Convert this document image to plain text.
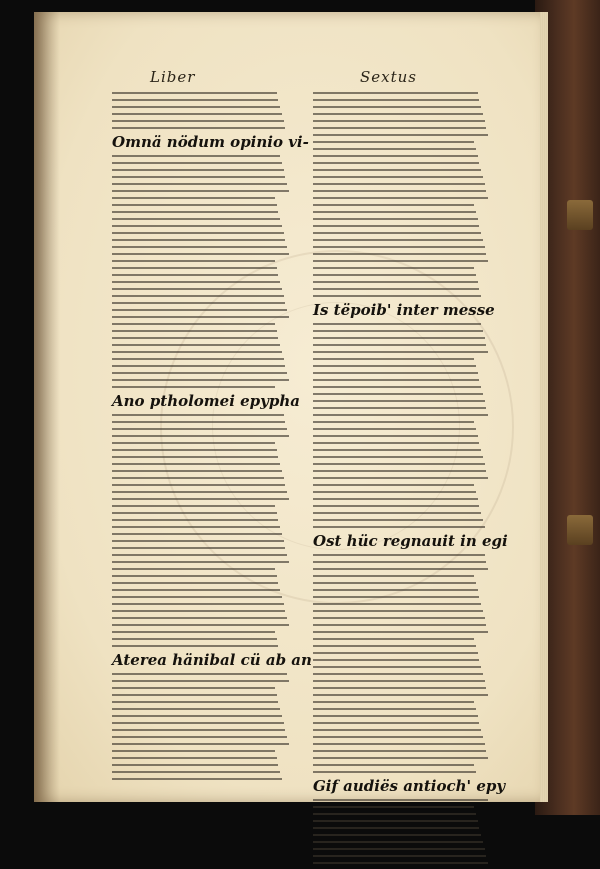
Liber	Sextus
Omnä nödum opinio vi-
Ano ptholomei epypha
Aterea hänibal cü ab an
Is tëpoib' inter messe
Ost hüc regnauit in egi
Gif audiës antioch' epy
